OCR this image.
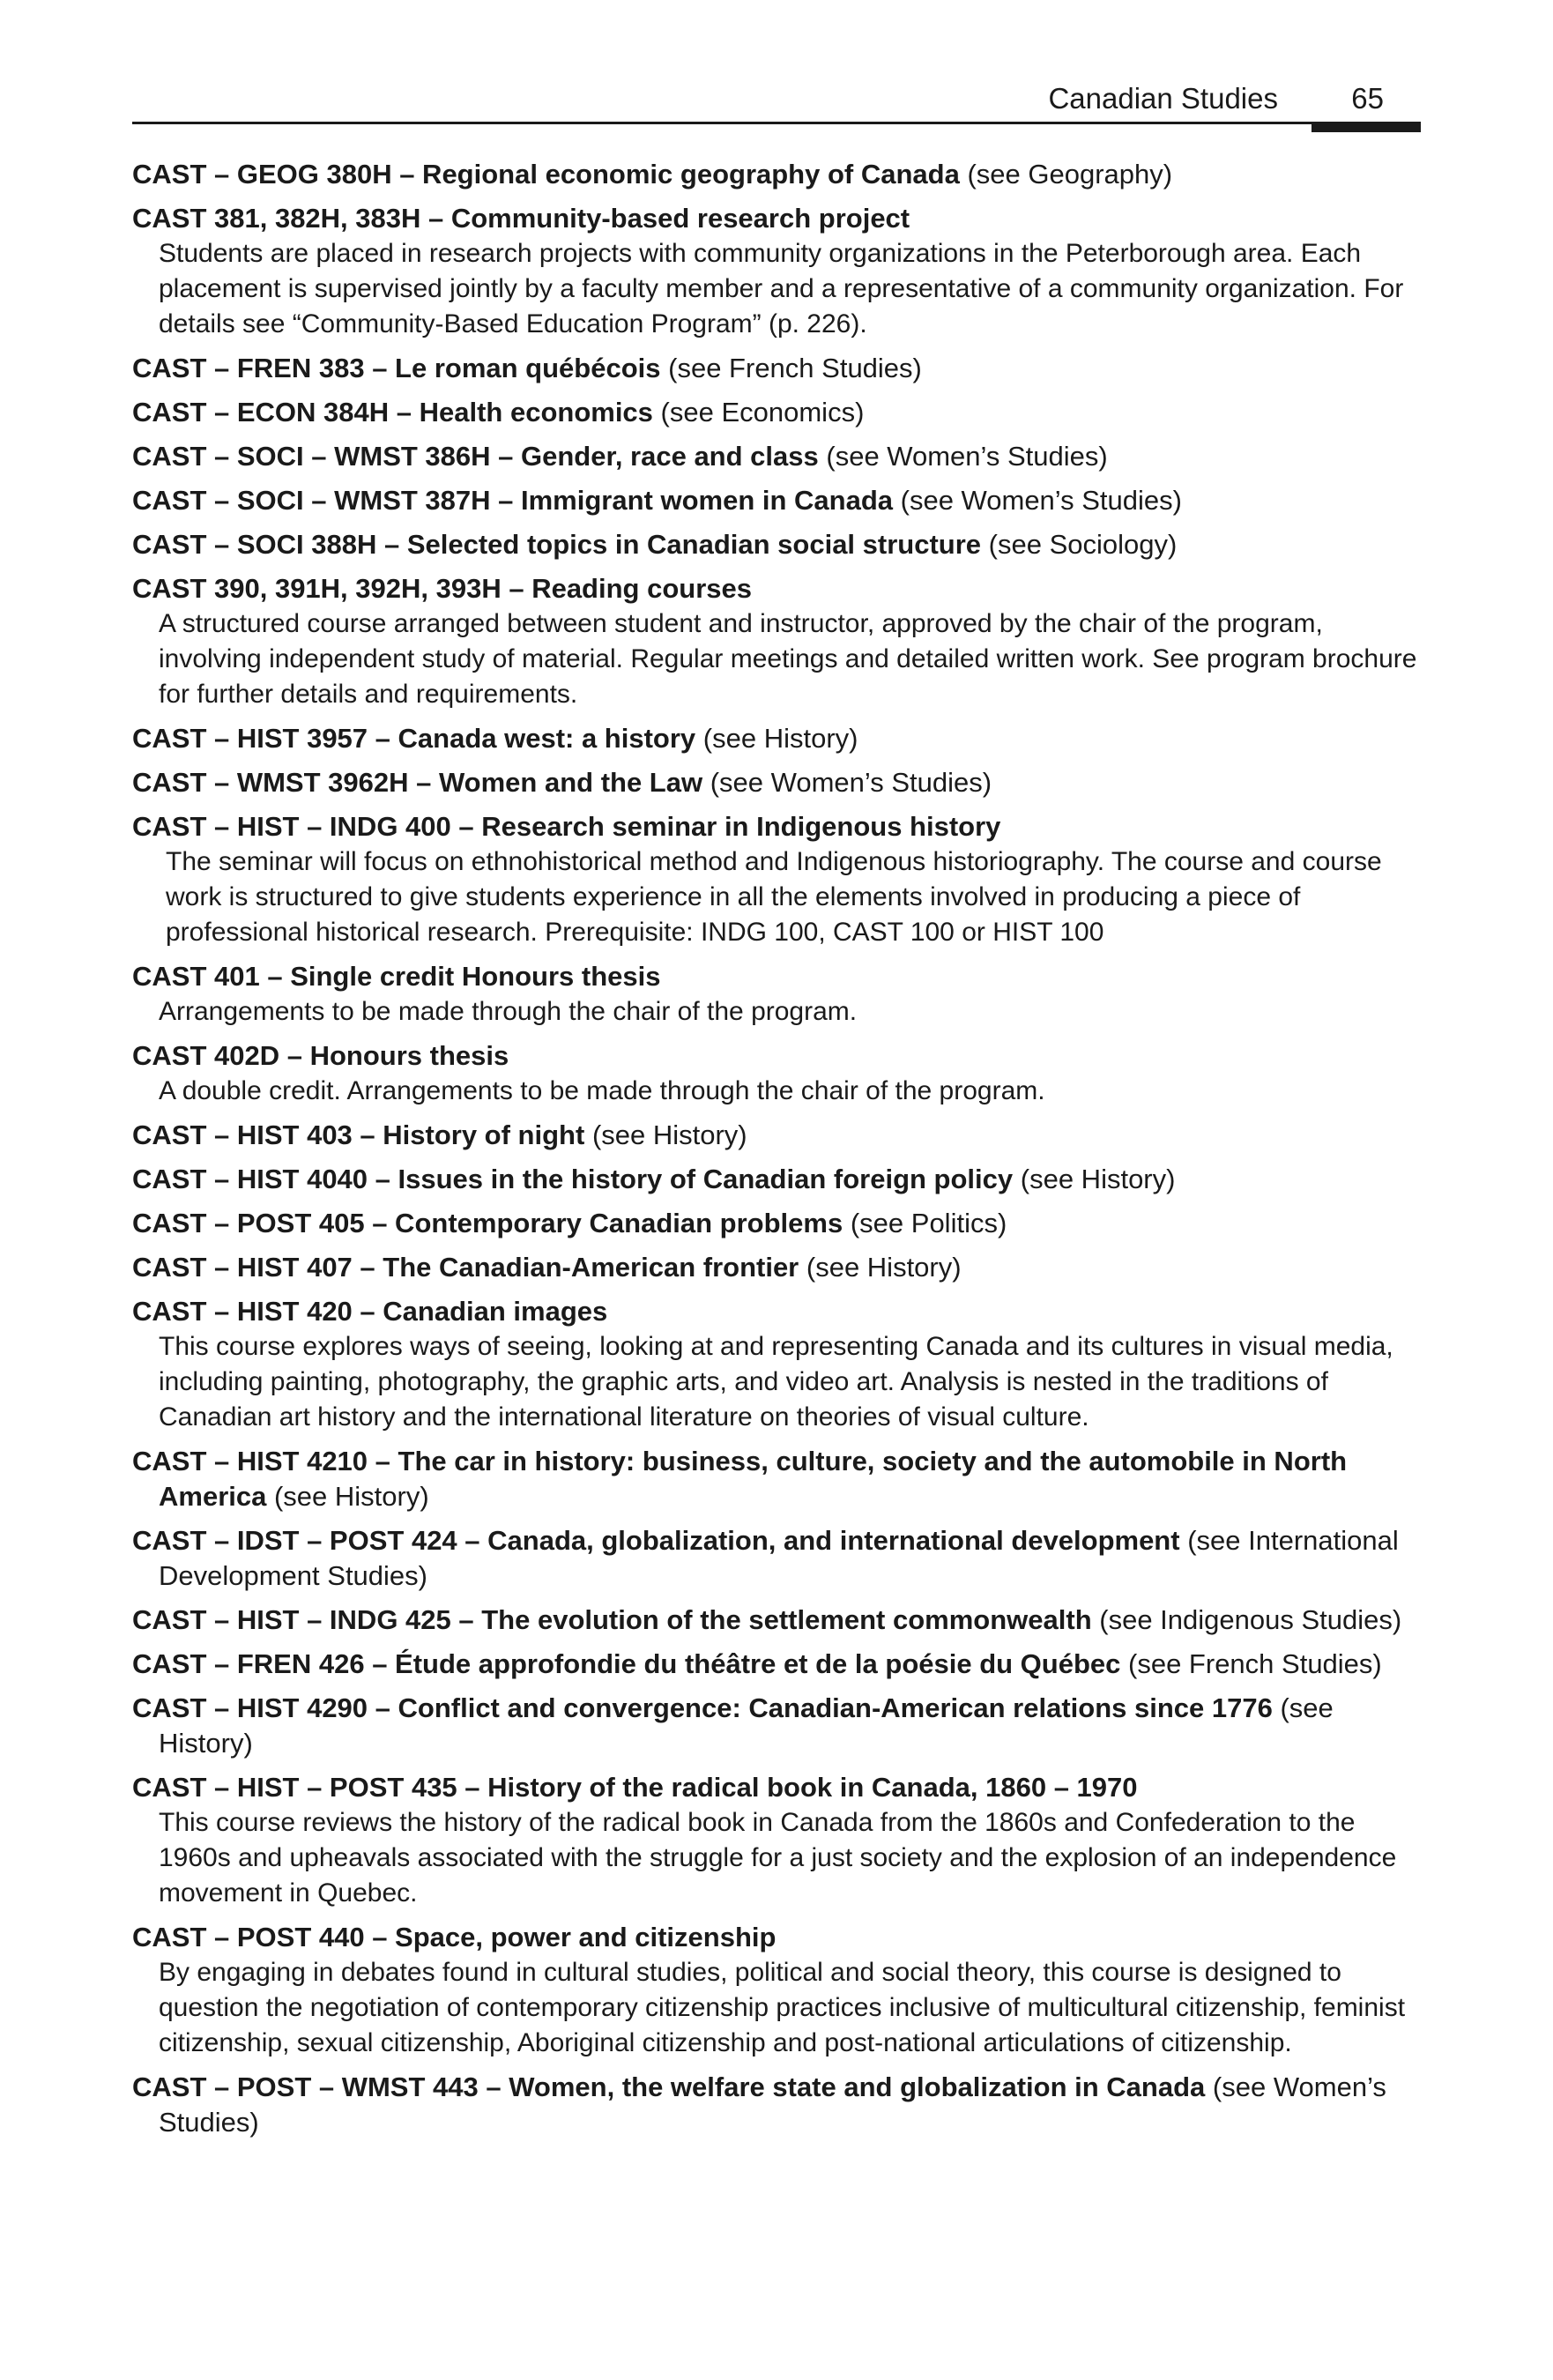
Canadian Studies	65
CAST – GEOG 380H – Regional economic geography of Canada (see Geography)
CAST 381, 382H, 383H – Community-based research project
Students are placed in research projects with community organizations in the Peterborough area. Each placement is supervised jointly by a faculty member and a representative of a community organization. For details see “Community-Based Education Program” (p. 226).
CAST – FREN 383 – Le roman québécois (see French Studies)
CAST – ECON 384H – Health economics (see Economics)
CAST – SOCI – WMST 386H – Gender, race and class (see Women’s Studies)
CAST – SOCI – WMST 387H – Immigrant women in Canada (see Women’s Studies)
CAST – SOCI 388H – Selected topics in Canadian social structure (see Sociology)
CAST 390, 391H, 392H, 393H – Reading courses
A structured course arranged between student and instructor, approved by the chair of the program, involving independent study of material. Regular meetings and detailed written work. See program brochure for further details and requirements.
CAST – HIST 3957 – Canada west: a history (see History)
CAST – WMST 3962H – Women and the Law (see Women’s Studies)
CAST – HIST – INDG 400 – Research seminar in Indigenous history
The seminar will focus on ethnohistorical method and Indigenous historiography. The course and course work is structured to give students experience in all the elements involved in producing a piece of professional historical research. Prerequisite: INDG 100, CAST 100 or HIST 100
CAST 401 – Single credit Honours thesis
Arrangements to be made through the chair of the program.
CAST 402D – Honours thesis
A double credit. Arrangements to be made through the chair of the program.
CAST – HIST 403 – History of night (see History)
CAST – HIST 4040 – Issues in the history of Canadian foreign policy (see History)
CAST – POST 405 – Contemporary Canadian problems (see Politics)
CAST – HIST 407 – The Canadian-American frontier (see History)
CAST – HIST 420 – Canadian images
This course explores ways of seeing, looking at and representing Canada and its cultures in visual media, including painting, photography, the graphic arts, and video art. Analysis is nested in the traditions of Canadian art history and the international literature on theories of visual culture.
CAST – HIST 4210 – The car in history: business, culture, society and the automobile in North America (see History)
CAST – IDST – POST 424 – Canada, globalization, and international development (see International Development Studies)
CAST – HIST – INDG 425 – The evolution of the settlement commonwealth (see Indigenous Studies)
CAST – FREN 426 – Étude approfondie du théâtre et de la poésie du Québec (see French Studies)
CAST – HIST 4290 – Conflict and convergence: Canadian-American relations since 1776 (see History)
CAST – HIST – POST 435 – History of the radical book in Canada, 1860 – 1970
This course reviews the history of the radical book in Canada from the 1860s and Confederation to the 1960s and upheavals associated with the struggle for a just society and the explosion of an independence movement in Quebec.
CAST – POST 440 – Space, power and citizenship
By engaging in debates found in cultural studies, political and social theory, this course is designed to question the negotiation of contemporary citizenship practices inclusive of multicultural citizenship, feminist citizenship, sexual citizenship, Aboriginal citizenship and post-national articulations of citizenship.
CAST – POST – WMST 443 – Women, the welfare state and globalization in Canada (see Women’s Studies)
